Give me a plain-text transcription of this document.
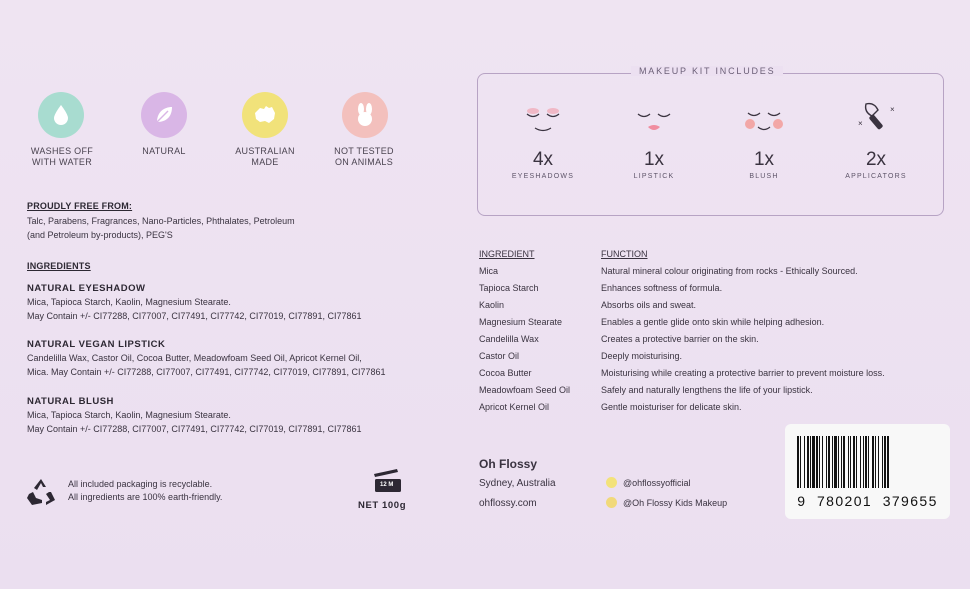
WASHES OFF
WITH WATER
NATURAL	AUSTRALIAN
MADE
NOT TESTED
ON ANIMALS
PROUDLY FREE FROM:
Talc, Parabens, Fragrances, Nano-Particles, Phthalates, Petroleum
(and Petroleum by-products), PEG'S
INGREDIENTS
NATURAL EYESHADOW
Mica, Tapioca Starch, Kaolin, Magnesium Stearate.
May Contain +/- CI77288, CI77007, CI77491, CI77742, CI77019, CI77891, CI77861
NATURAL VEGAN LIPSTICK
Candelilla Wax, Castor Oil, Cocoa Butter, Meadowfoam Seed Oil, Apricot Kernel Oil,
Mica. May Contain +/- CI77288, CI77007, CI77491, CI77742, CI77019, CI77891, CI77861
NATURAL BLUSH
Mica, Tapioca Starch, Kaolin, Magnesium Stearate.
May Contain +/- CI77288, CI77007, CI77491, CI77742, CI77019, CI77891, CI77861
All included packaging is recyclable.
All ingredients are 100% earth-friendly.
12 M
NET 100g
MAKEUP KIT INCLUDES
4x
EYESHADOWS
1x
LIPSTICK
1x
BLUSH
×
×
2x
APPLICATORS
INGREDIENT	FUNCTION
Mica	Natural mineral colour originating from rocks - Ethically Sourced.
Tapioca Starch	Enhances softness of formula.
Kaolin	Absorbs oils and sweat.
Magnesium Stearate	Enables a gentle glide onto skin while helping adhesion.
Candelilla Wax	Creates a protective barrier on the skin.
Castor Oil	Deeply moisturising.
Cocoa Butter	Moisturising while creating a protective barrier to prevent moisture loss.
Meadowfoam Seed Oil	Safely and naturally lengthens the life of your lipstick.
Apricot Kernel Oil	Gentle moisturiser for delicate skin.
Oh Flossy
Sydney, Australia
ohflossy.com
@ohflossyofficial
@Oh Flossy Kids Makeup	9 780201 379655
